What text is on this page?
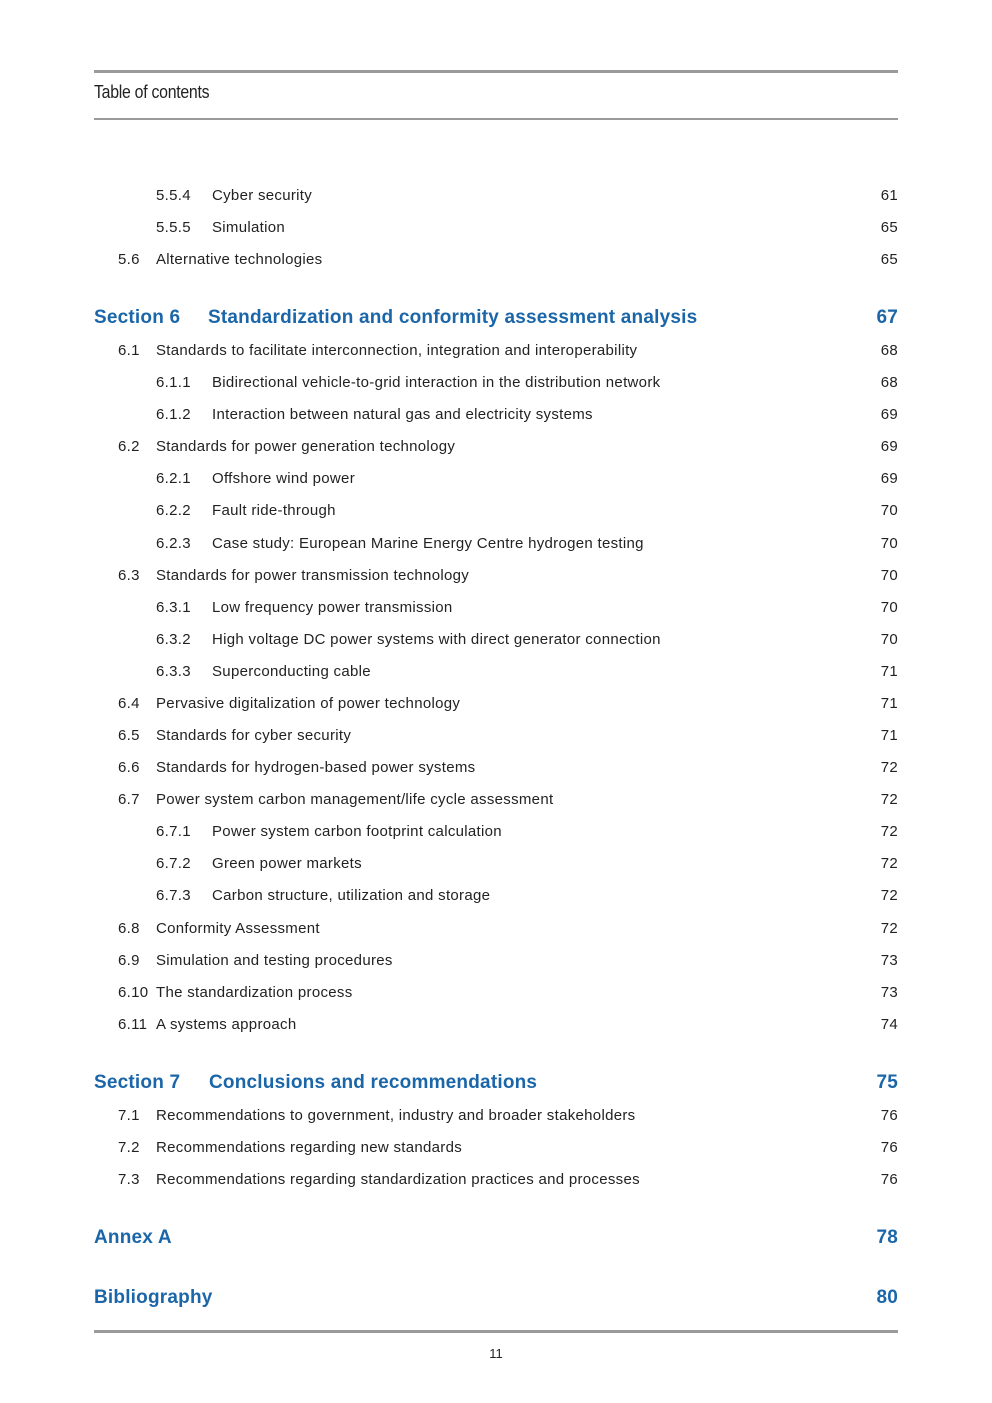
Table of contents
5.5.4 Cyber security	61
5.5.5 Simulation	65
5.6 Alternative technologies	65
Section 6 Standardization and conformity assessment analysis	67
6.1 Standards to facilitate interconnection, integration and interoperability	68
6.1.1 Bidirectional vehicle-to-grid interaction in the distribution network	68
6.1.2 Interaction between natural gas and electricity systems	69
6.2 Standards for power generation technology	69
6.2.1 Offshore wind power	69
6.2.2 Fault ride-through	70
6.2.3 Case study: European Marine Energy Centre hydrogen testing	70
6.3 Standards for power transmission technology	70
6.3.1 Low frequency power transmission	70
6.3.2 High voltage DC power systems with direct generator connection	70
6.3.3 Superconducting cable	71
6.4 Pervasive digitalization of power technology	71
6.5 Standards for cyber security	71
6.6 Standards for hydrogen-based power systems	72
6.7 Power system carbon management/life cycle assessment	72
6.7.1 Power system carbon footprint calculation	72
6.7.2 Green power markets	72
6.7.3 Carbon structure, utilization and storage	72
6.8 Conformity Assessment	72
6.9 Simulation and testing procedures	73
6.10 The standardization process	73
6.11 A systems approach	74
Section 7 Conclusions and recommendations	75
7.1 Recommendations to government, industry and broader stakeholders	76
7.2 Recommendations regarding new standards	76
7.3 Recommendations regarding standardization practices and processes	76
Annex A	78
Bibliography	80
11
